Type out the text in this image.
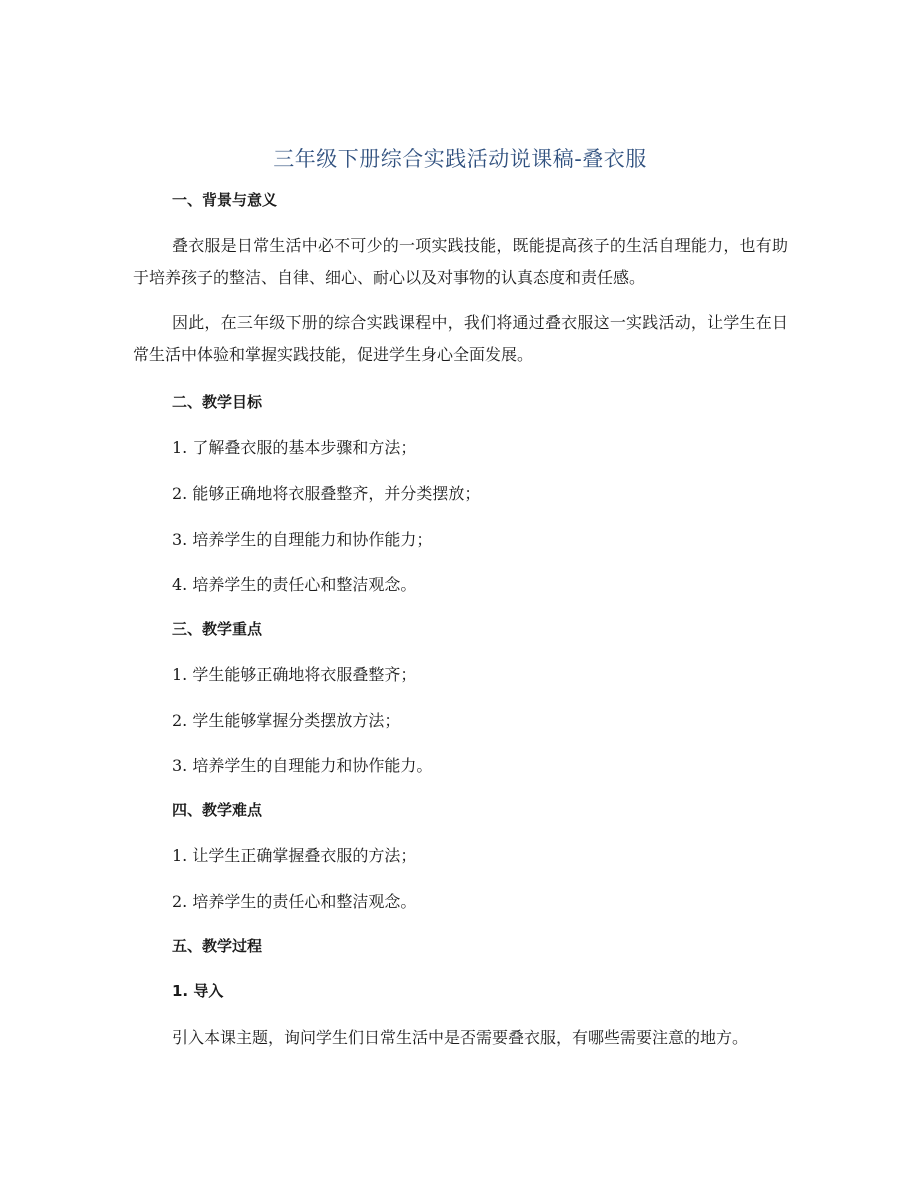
三年级下册综合实践活动说课稿-叠衣服
一、背景与意义
叠衣服是日常生活中必不可少的一项实践技能，既能提高孩子的生活自理能力，也有助于培养孩子的整洁、自律、细心、耐心以及对事物的认真态度和责任感。
因此，在三年级下册的综合实践课程中，我们将通过叠衣服这一实践活动，让学生在日常生活中体验和掌握实践技能，促进学生身心全面发展。
二、教学目标
1. 了解叠衣服的基本步骤和方法；
2. 能够正确地将衣服叠整齐，并分类摆放；
3. 培养学生的自理能力和协作能力；
4. 培养学生的责任心和整洁观念。
三、教学重点
1. 学生能够正确地将衣服叠整齐；
2. 学生能够掌握分类摆放方法；
3. 培养学生的自理能力和协作能力。
四、教学难点
1. 让学生正确掌握叠衣服的方法；
2. 培养学生的责任心和整洁观念。
五、教学过程
1. 导入
引入本课主题，询问学生们日常生活中是否需要叠衣服，有哪些需要注意的地方。
